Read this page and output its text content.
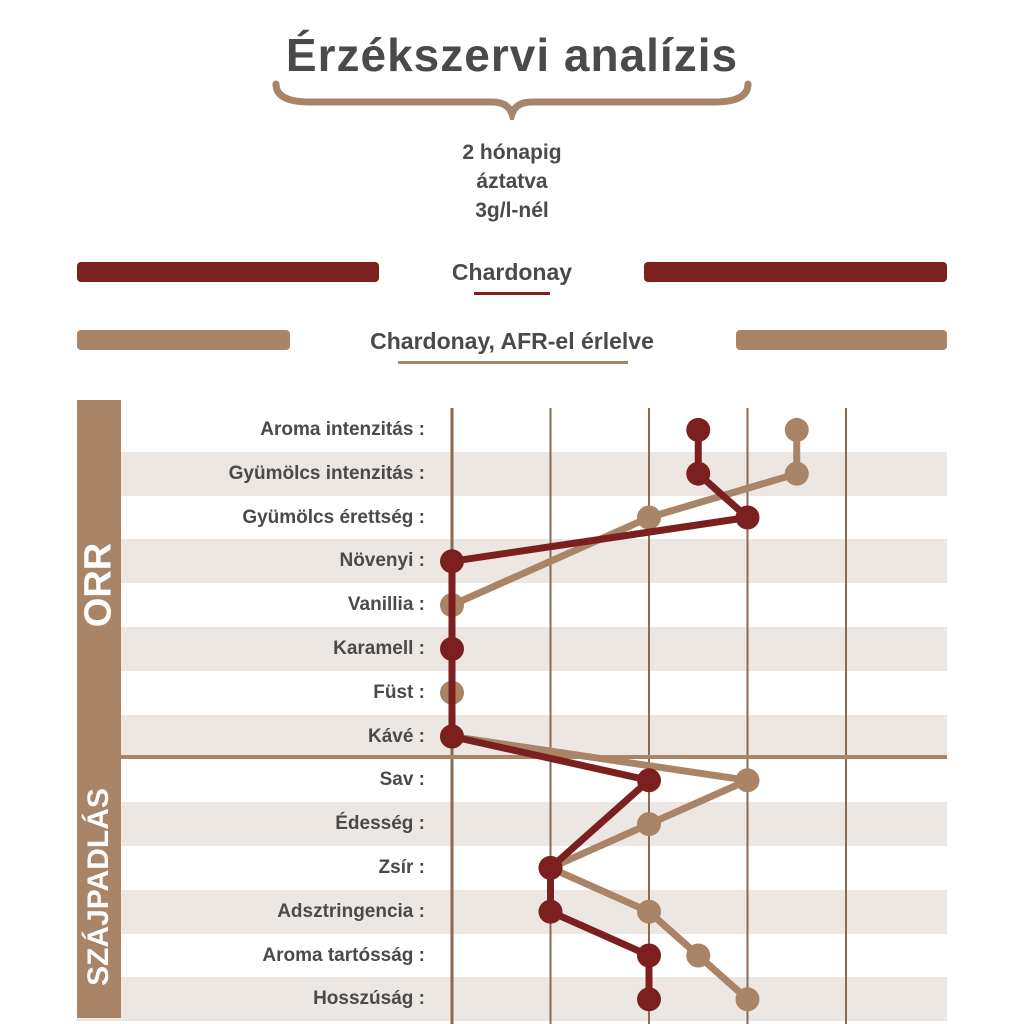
Érzékszervi analízis
2 hónapig
áztatva
3g/l-nél
Chardonay
Chardonay, AFR-el érlelve
Aroma intenzitás :
Gyümölcs intenzitás :
Gyümölcs érettség :
Növenyi :
Vanillia :
Karamell :
Füst :
Kávé :
Sav :
Édesség :
Zsír :
Adsztringencia :
Aroma tartósság :
Hosszúság :
ORR
SZÁJPADLÁS
